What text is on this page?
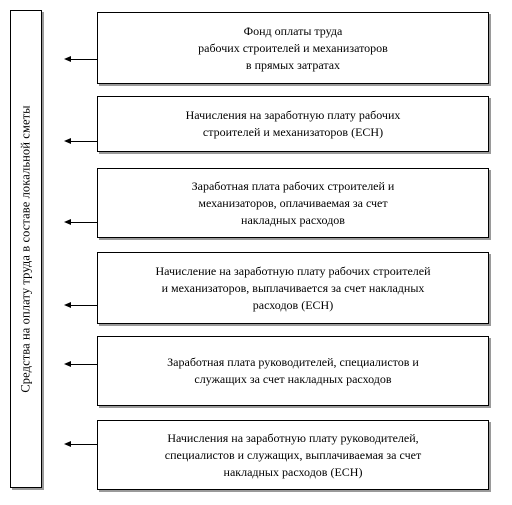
Средства на оплату труда в составе локальной сметы
Фонд оплаты труда
рабочих строителей и механизаторов
в прямых затратах
Начисления на заработную плату рабочих
строителей и механизаторов (ЕСН)
Заработная плата рабочих строителей и
механизаторов, оплачиваемая за счет
накладных расходов
Начисление на заработную плату рабочих строителей
и механизаторов, выплачивается за счет накладных
расходов (ЕСН)
Заработная плата руководителей, специалистов и
служащих за счет накладных расходов
Начисления на заработную плату руководителей,
специалистов и служащих, выплачиваемая за счет
накладных расходов (ЕСН)
